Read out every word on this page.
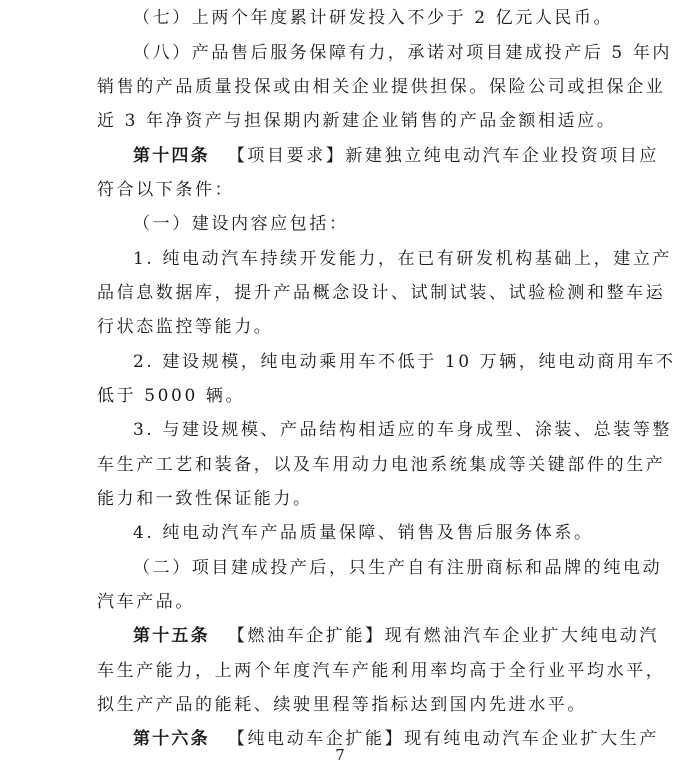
（七）上两个年度累计研发投入不少于 2 亿元人民币。
（八）产品售后服务保障有力，承诺对项目建成投产后 5 年内
销售的产品质量投保或由相关企业提供担保。保险公司或担保企业
近 3 年净资产与担保期内新建企业销售的产品金额相适应。
第十四条 【项目要求】新建独立纯电动汽车企业投资项目应
符合以下条件：
（一）建设内容应包括：
1. 纯电动汽车持续开发能力，在已有研发机构基础上，建立产
品信息数据库，提升产品概念设计、试制试装、试验检测和整车运
行状态监控等能力。
2. 建设规模，纯电动乘用车不低于 10 万辆，纯电动商用车不
低于 5000 辆。
3. 与建设规模、产品结构相适应的车身成型、涂装、总装等整
车生产工艺和装备，以及车用动力电池系统集成等关键部件的生产
能力和一致性保证能力。
4. 纯电动汽车产品质量保障、销售及售后服务体系。
（二）项目建成投产后，只生产自有注册商标和品牌的纯电动
汽车产品。
第十五条 【燃油车企扩能】现有燃油汽车企业扩大纯电动汽
车生产能力，上两个年度汽车产能利用率均高于全行业平均水平，
拟生产产品的能耗、续驶里程等指标达到国内先进水平。
第十六条 【纯电动车企扩能】现有纯电动汽车企业扩大生产
7
